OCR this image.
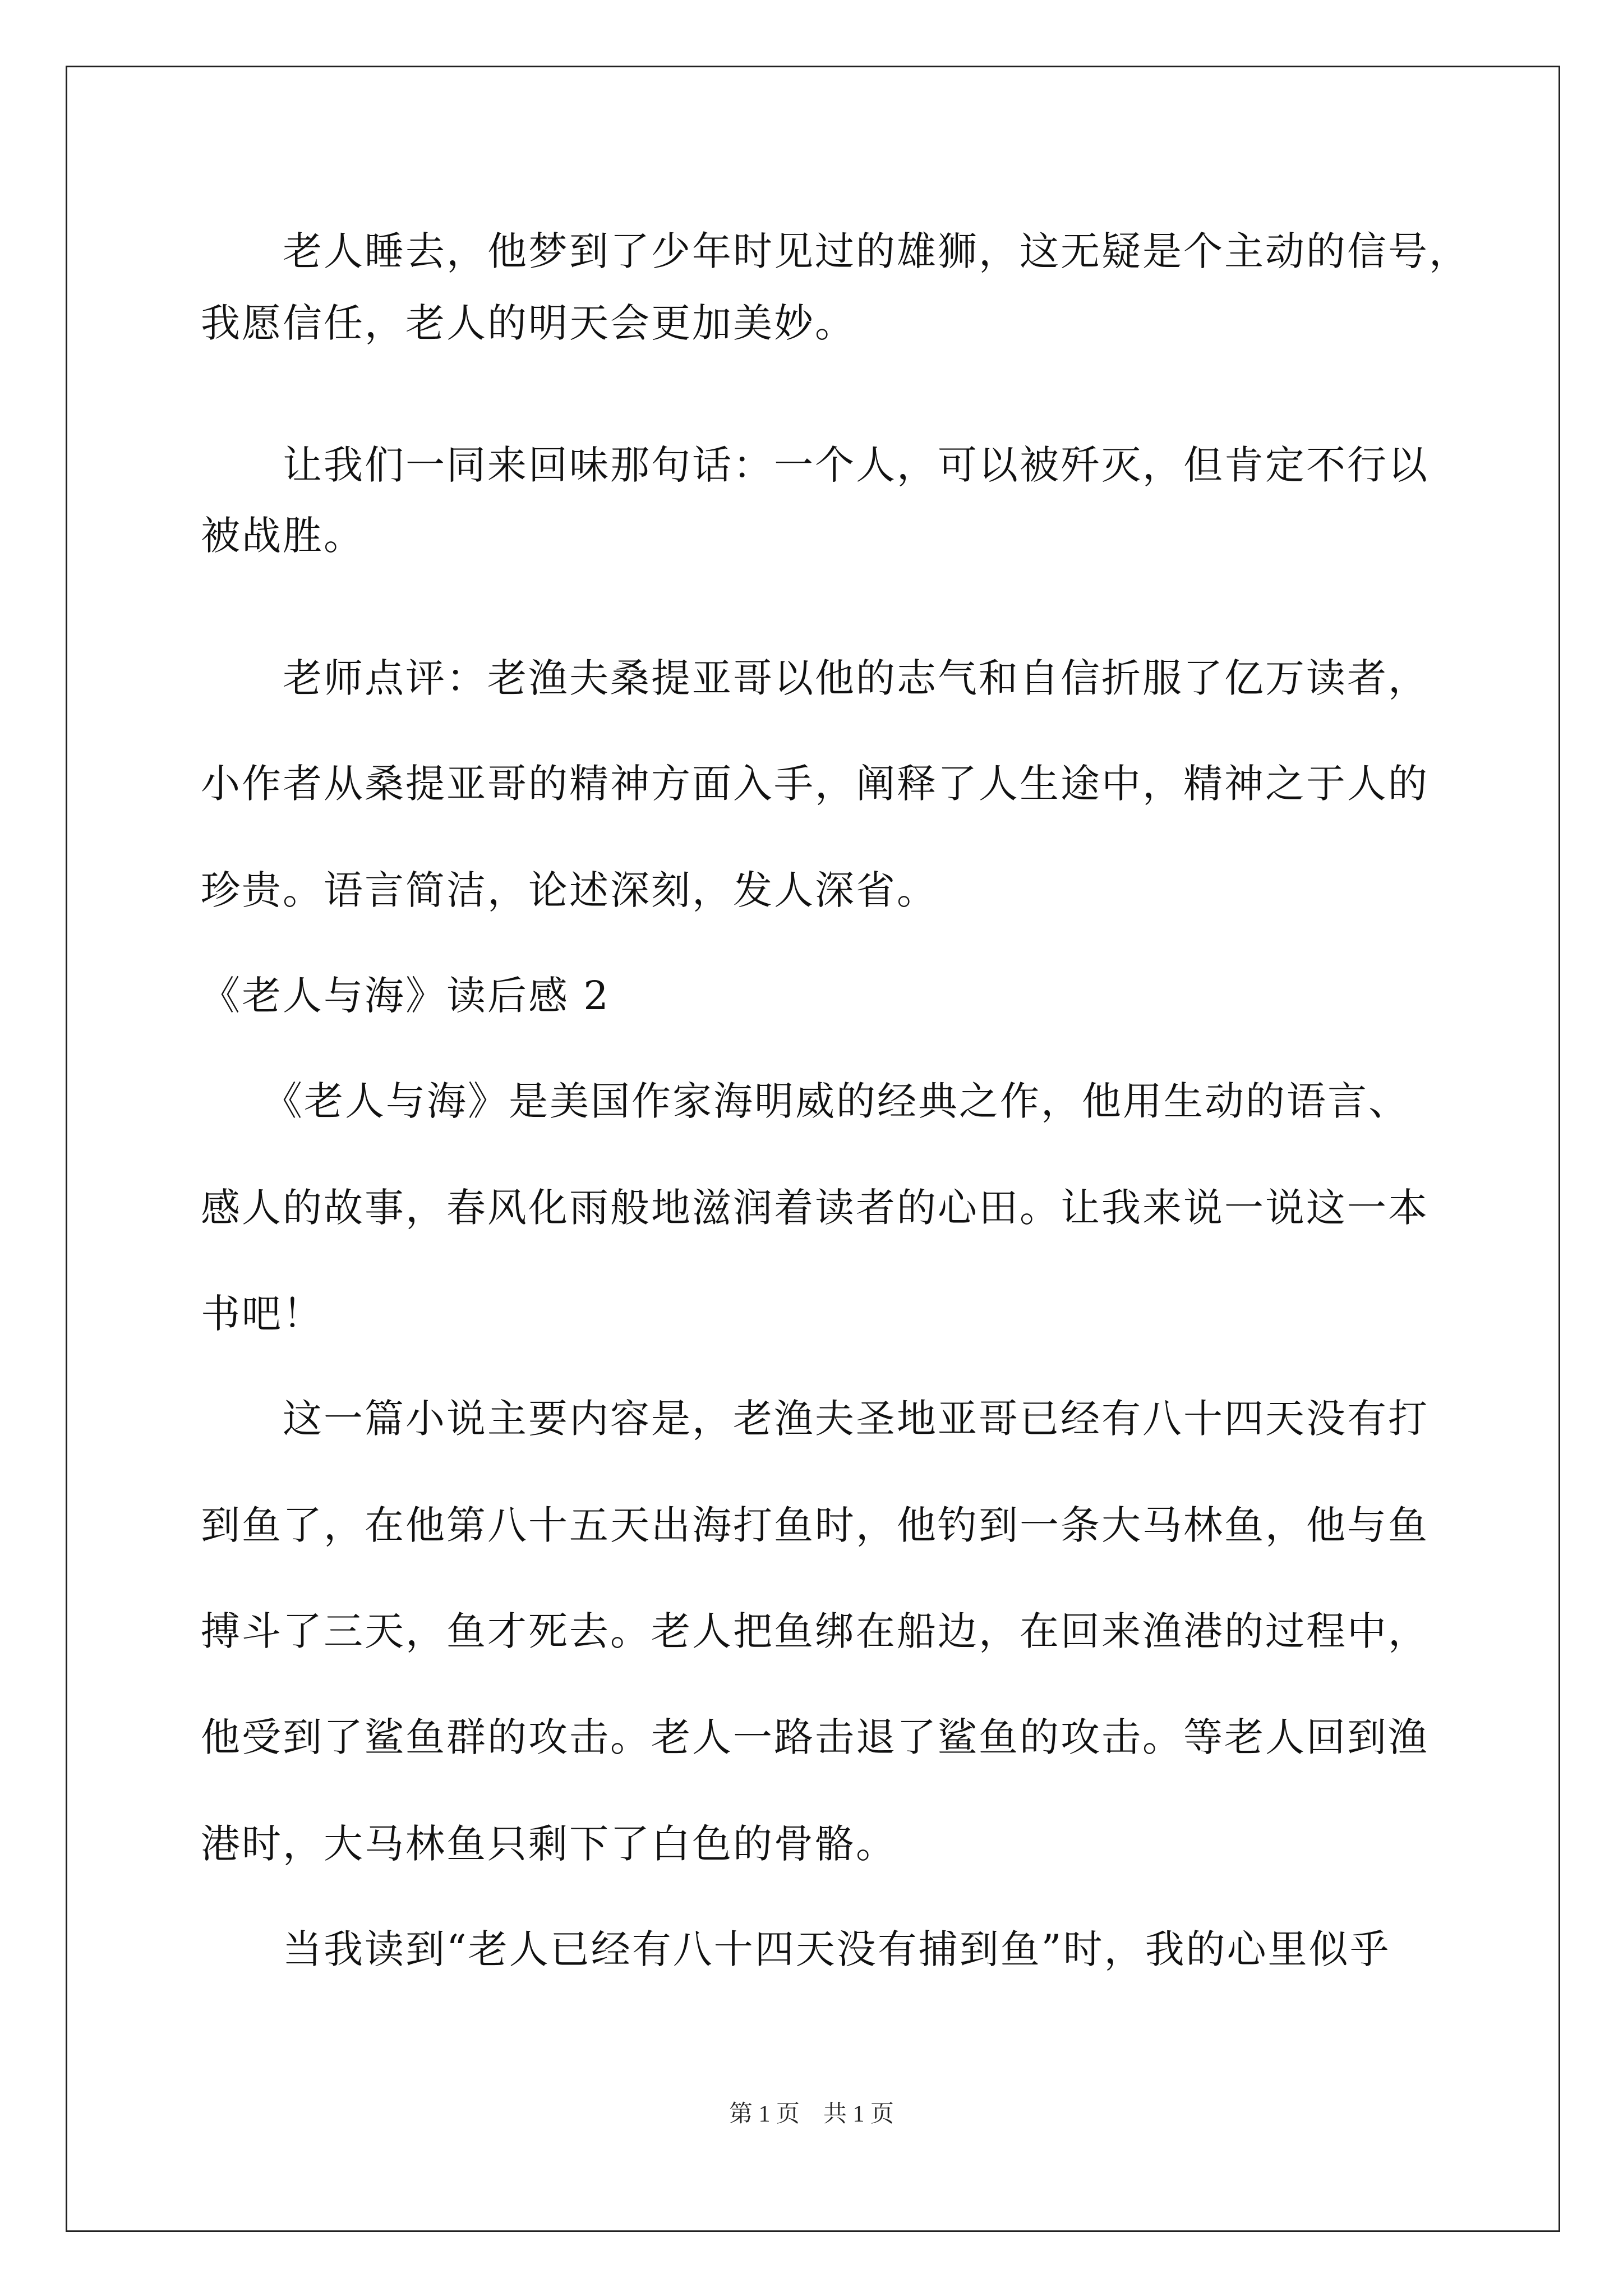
　　老人睡去，他梦到了少年时见过的雄狮，这无疑是个主动的信号，
我愿信任，老人的明天会更加美妙。
　　让我们一同来回味那句话：一个人，可以被歼灭，但肯定不行以
被战胜。
　　老师点评：老渔夫桑提亚哥以他的志气和自信折服了亿万读者，
小作者从桑提亚哥的精神方面入手，阐释了人生途中，精神之于人的
珍贵。语言简洁，论述深刻，发人深省。
《老人与海》读后感 2
　　《老人与海》是美国作家海明威的经典之作，他用生动的语言、
感人的故事，春风化雨般地滋润着读者的心田。让我来说一说这一本
书吧！
　　这一篇小说主要内容是，老渔夫圣地亚哥已经有八十四天没有打
到鱼了，在他第八十五天出海打鱼时，他钓到一条大马林鱼，他与鱼
搏斗了三天，鱼才死去。老人把鱼绑在船边，在回来渔港的过程中，
他受到了鲨鱼群的攻击。老人一路击退了鲨鱼的攻击。等老人回到渔
港时，大马林鱼只剩下了白色的骨骼。
　　当我读到“老人已经有八十四天没有捕到鱼”时，我的心里似乎
第 1 页　共 1 页
